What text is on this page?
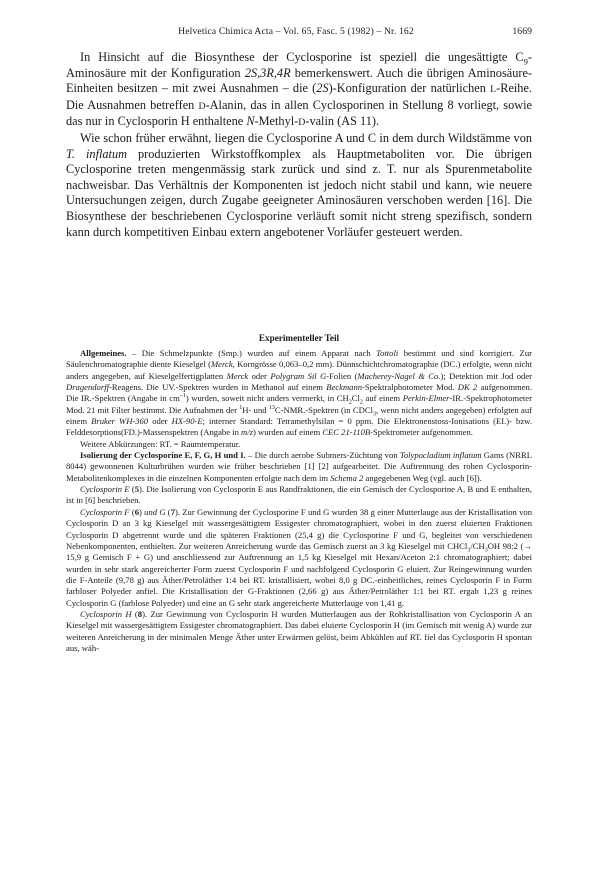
Helvetica Chimica Acta – Vol. 65, Fasc. 5 (1982) – Nr. 162	1669

In Hinsicht auf die Biosynthese der Cyclosporine ist speziell die ungesättigte $C_9$-Aminosäure mit der Konfiguration 2S,3R,4R bemerkenswert. Auch die übrigen Aminosäure-Einheiten besitzen – mit zwei Ausnahmen – die (2S)-Konfiguration der natürlichen L-Reihe. Die Ausnahmen betreffen D-Alanin, das in allen Cyclosporinen in Stellung 8 vorliegt, sowie das nur in Cyclosporin H enthaltene N-Methyl-D-valin (AS 11).

Wie schon früher erwähnt, liegen die Cyclosporine A und C in dem durch Wildstämme von T. inflatum produzierten Wirkstoffkomplex als Hauptmetaboliten vor. Die übrigen Cyclosporine treten mengenmässig stark zurück und sind z. T. nur als Spurenmetabolite nachweisbar. Das Verhältnis der Komponenten ist jedoch nicht stabil und kann, wie neuere Untersuchungen zeigen, durch Zugabe geeigneter Aminosäuren verschoben werden [16]. Die Biosynthese der beschriebenen Cyclosporine verläuft somit nicht streng spezifisch, sondern kann durch kompetitiven Einbau extern angebotener Vorläufer gesteuert werden.

Experimenteller Teil

Allgemeines. – Die Schmelzpunkte (Smp.) wurden auf einem Apparat nach Tottoli bestimmt und sind korrigiert. Zur Säulenchromatographie diente Kieselgel (Merck, Korngrösse 0,063–0,2 mm). Dünnschichtchromatographie (DC.) erfolgte, wenn nicht anders angegeben, auf Kieselgelfertigplatten Merck oder Polygram Sil G-Folien (Macherey-Nagel & Co.); Detektion mit Jod oder Dragendorff-Reagens. Die UV.-Spektren wurden in Methanol auf einem Beckmann-Spektralphotometer Mod. DK 2 aufgenommen. Die IR.-Spektren (Angabe in $cm^{-1}$) wurden, soweit nicht anders vermerkt, in $CH_2Cl_2$ auf einem Perkin-Elmer-IR.-Spektrophotometer Mod. 21 mit Filter bestimmt. Die Aufnahmen der $^1$H- und $^{13}$C-NMR.-Spektren (in CDCl$_3$, wenn nicht anders angegeben) erfolgten auf einem Bruker WH-360 oder HX-90-E; interner Standard: Tetramethylsilan = 0 ppm. Die Elektronenstoss-Ionisations (EI.)- bzw. Felddesorptions(FD.)-Massenspektren (Angabe in m/z) wurden auf einem CEC 21-110B-Spektrometer aufgenommen.

Weitere Abkürzungen: RT. = Raumtemperatur.

Isolierung der Cyclosporine E, F, G, H und I. – Die durch aerobe Submers-Züchtung von Tolypocladium inflatum Gams (NRRL 8044) gewonnenen Kulturbrühen wurden wie früher beschrieben [1] [2] aufgearbeitet. Die Auftrennung des rohen Cyclosporin-Metabolitenkomplexes in die einzelnen Komponenten erfolgte nach dem im Schema 2 angegebenen Weg (vgl. auch [6]).

Cyclosporin E (5). Die Isolierung von Cyclosporin E aus Randfraktionen, die ein Gemisch der Cyclosporine A, B und E enthalten, ist in [6] beschrieben.

Cyclosporin F (6) und G (7). Zur Gewinnung der Cyclosporine F und G wurden 38 g einer Mutterlauge aus der Kristallisation von Cyclosporin D an 3 kg Kieselgel mit wassergesättigtem Essigester chromatographiert, wobei in den zuerst eluierten Fraktionen Cyclosporin D abgetrennt wurde und die späteren Fraktionen (25,4 g) die Cyclosporine F und G, begleitet von verschiedenen Nebenkomponenten, enthielten. Zur weiteren Anreicherung wurde das Gemisch zuerst an 3 kg Kieselgel mit $CHCl_3/CH_3OH$ 98:2 (→ 15,9 g Gemisch F + G) und anschliessend zur Auftrennung an 1,5 kg Kieselgel mit Hexan/Aceton 2:1 chromatographiert; dabei wurden in sehr stark angereicherter Form zuerst Cyclosporin F und nachfolgend Cyclosporin G eluiert. Zur Reingewinnung wurden die F-Anteile (9,78 g) aus Äther/Petroläther 1:4 bei RT. kristallisiert, wobei 8,0 g DC.-einheitliches, reines Cyclosporin F in Form farbloser Polyeder anfiel. Die Kristallisation der G-Fraktionen (2,66 g) aus Äther/Petroläther 1:1 bei RT. ergab 1,23 g reines Cyclosporin G (farblose Polyeder) und eine an G sehr stark angereicherte Mutterlauge von 1,41 g.

Cyclosporin H (8). Zur Gewinnung von Cyclosporin H wurden Mutterlaugen aus der Rohkristallisation von Cyclosporin A an Kieselgel mit wassergesättigtem Essigester chromatographiert. Das dabei eluierte Cyclosporin H (im Gemisch mit wenig A) wurde zur weiteren Anreicherung in der minimalen Menge Äther unter Erwärmen gelöst, beim Abkühlen auf RT. fiel das Cyclosporin H spontan aus, wäh-
